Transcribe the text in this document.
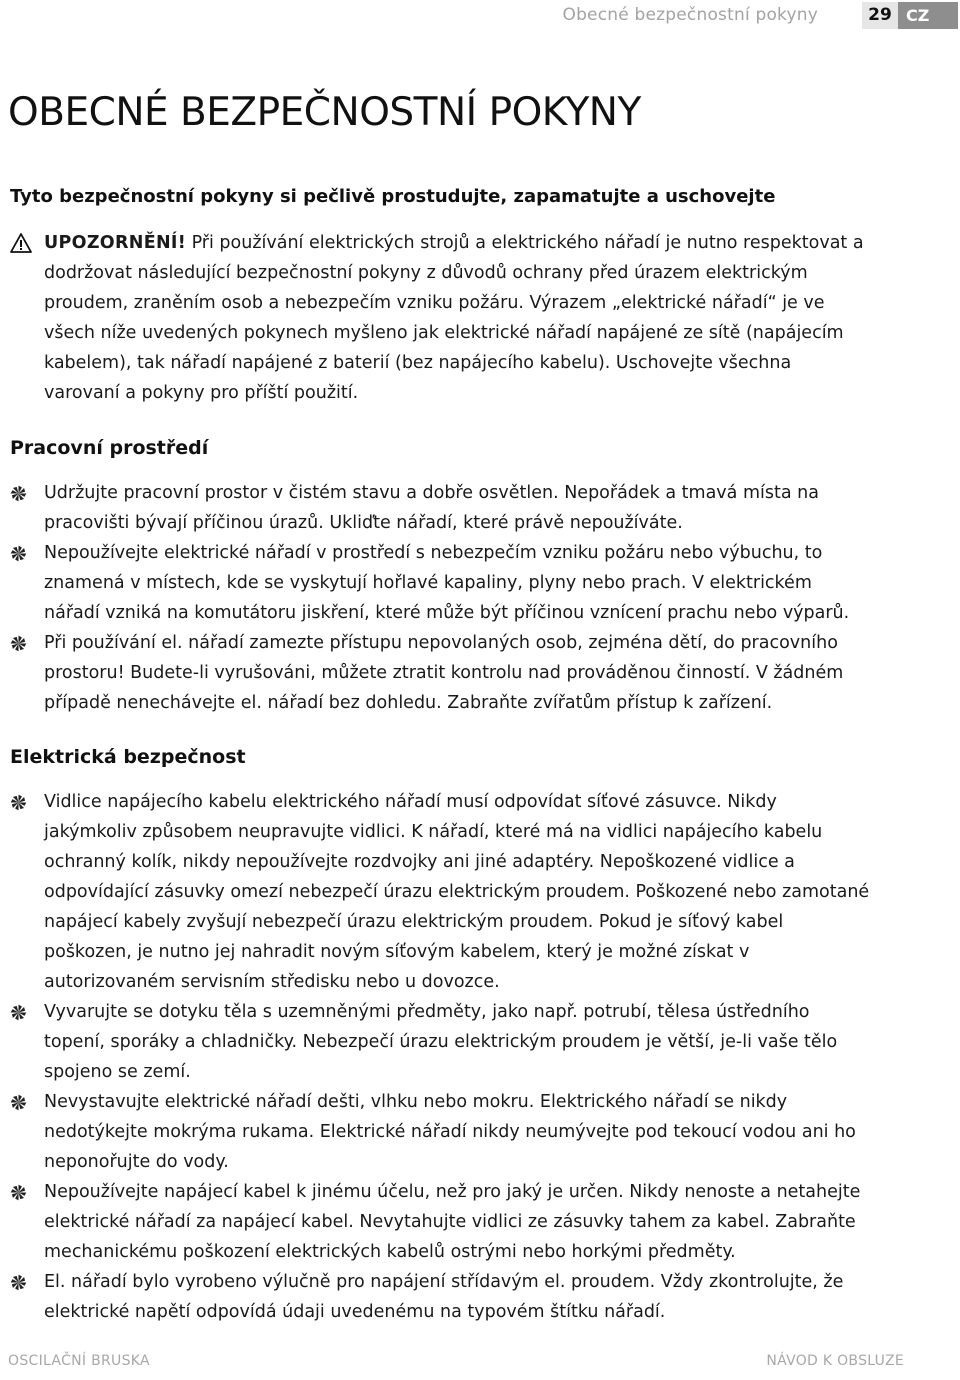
Obecné bezpečnostní pokyny	29 CZ
OBECNÉ BEZPEČNOSTNÍ POKYNY

Tyto bezpečnostní pokyny si pečlivě prostudujte, zapamatujte a uschovejte

UPOZORNĚNÍ! Při používání elektrických strojů a elektrického nářadí je nutno respektovat a dodržovat následující bezpečnostní pokyny z důvodů ochrany před úrazem elektrickým proudem, zraněním osob a nebezpečím vzniku požáru. Výrazem „elektrické nářadí“ je ve všech níže uvedených pokynech myšleno jak elektrické nářadí napájené ze sítě (napájecím kabelem), tak nářadí napájené z baterií (bez napájecího kabelu). Uschovejte všechna varovaní a pokyny pro příští použití.
Pracovní prostředí
Udržujte pracovní prostor v čistém stavu a dobře osvětlen. Nepořádek a tmavá místa na pracovišti bývají příčinou úrazů. Ukliďte nářadí, které právě nepoužíváte.
Nepoužívejte elektrické nářadí v prostředí s nebezpečím vzniku požáru nebo výbuchu, to znamená v místech, kde se vyskytují hořlavé kapaliny, plyny nebo prach. V elektrickém nářadí vzniká na komutátoru jiskření, které může být příčinou vznícení prachu nebo výparů.
Při používání el. nářadí zamezte přístupu nepovolaných osob, zejména dětí, do pracovního prostoru! Budete-li vyrušováni, můžete ztratit kontrolu nad prováděnou činností. V žádném případě nenechávejte el. nářadí bez dohledu. Zabraňte zvířatům přístup k zařízení.
Elektrická bezpečnost
Vidlice napájecího kabelu elektrického nářadí musí odpovídat síťové zásuvce. Nikdy jakýmkoliv způsobem neupravujte vidlici. K nářadí, které má na vidlici napájecího kabelu ochranný kolík, nikdy nepoužívejte rozdvojky ani jiné adaptéry. Nepoškozené vidlice a odpovídající zásuvky omezí nebezpečí úrazu elektrickým proudem. Poškozené nebo zamotané napájecí kabely zvyšují nebezpečí úrazu elektrickým proudem. Pokud je síťový kabel poškozen, je nutno jej nahradit novým síťovým kabelem, který je možné získat v autorizovaném servisním středisku nebo u dovozce.
Vyvarujte se dotyku těla s uzemněnými předměty, jako např. potrubí, tělesa ústředního topení, sporáky a chladničky. Nebezpečí úrazu elektrickým proudem je větší, je-li vaše tělo spojeno se zemí.
Nevystavujte elektrické nářadí dešti, vlhku nebo mokru. Elektrického nářadí se nikdy nedotýkejte mokrýma rukama. Elektrické nářadí nikdy neumývejte pod tekoucí vodou ani ho neponořujte do vody.
Nepoužívejte napájecí kabel k jinému účelu, než pro jaký je určen. Nikdy nenoste a netahejte elektrické nářadí za napájecí kabel. Nevytahujte vidlici ze zásuvky tahem za kabel. Zabraňte mechanickému poškození elektrických kabelů ostrými nebo horkými předměty.
El. nářadí bylo vyrobeno výlučně pro napájení střídavým el. proudem. Vždy zkontrolujte, že elektrické napětí odpovídá údaji uvedenému na typovém štítku nářadí.
OSCILAČNÍ BRUSKA	NÁVOD K OBSLUZE
